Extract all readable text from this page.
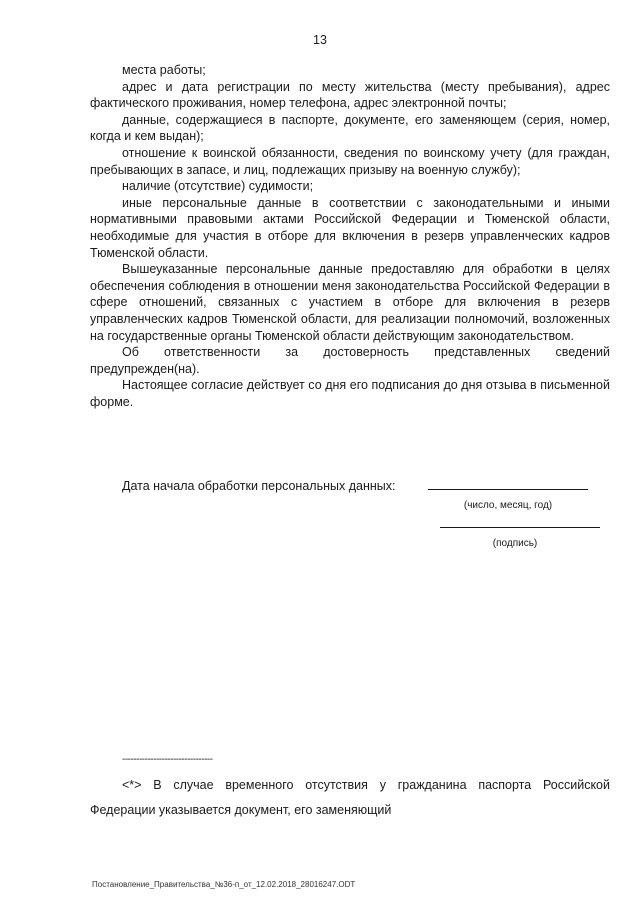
13

места работы;

адрес и дата регистрации по месту жительства (месту пребывания), адрес фактического проживания, номер телефона, адрес электронной почты;

данные, содержащиеся в паспорте, документе, его заменяющем (серия, номер, когда и кем выдан);

отношение к воинской обязанности, сведения по воинскому учету (для граждан, пребывающих в запасе, и лиц, подлежащих призыву на военную службу);

наличие (отсутствие) судимости;

иные персональные данные в соответствии с законодательными и иными нормативными правовыми актами Российской Федерации и Тюменской области, необходимые для участия в отборе для включения в резерв управленческих кадров Тюменской области.

Вышеуказанные персональные данные предоставляю для обработки в целях обеспечения соблюдения в отношении меня законодательства Российской Федерации в сфере отношений, связанных с участием в отборе для включения в резерв управленческих кадров Тюменской области, для реализации полномочий, возложенных на государственные органы Тюменской области действующим законодательством.

Об ответственности за достоверность представленных сведений предупрежден(на).

Настоящее согласие действует со дня его подписания до дня отзыва в письменной форме.

Дата начала обработки персональных данных:
(число, месяц, год)
(подпись)
--------------------------------

<*> В случае временного отсутствия у гражданина паспорта Российской Федерации указывается документ, его заменяющий

Постановление_Правительства_№36-п_от_12.02.2018_28016247.ODT
